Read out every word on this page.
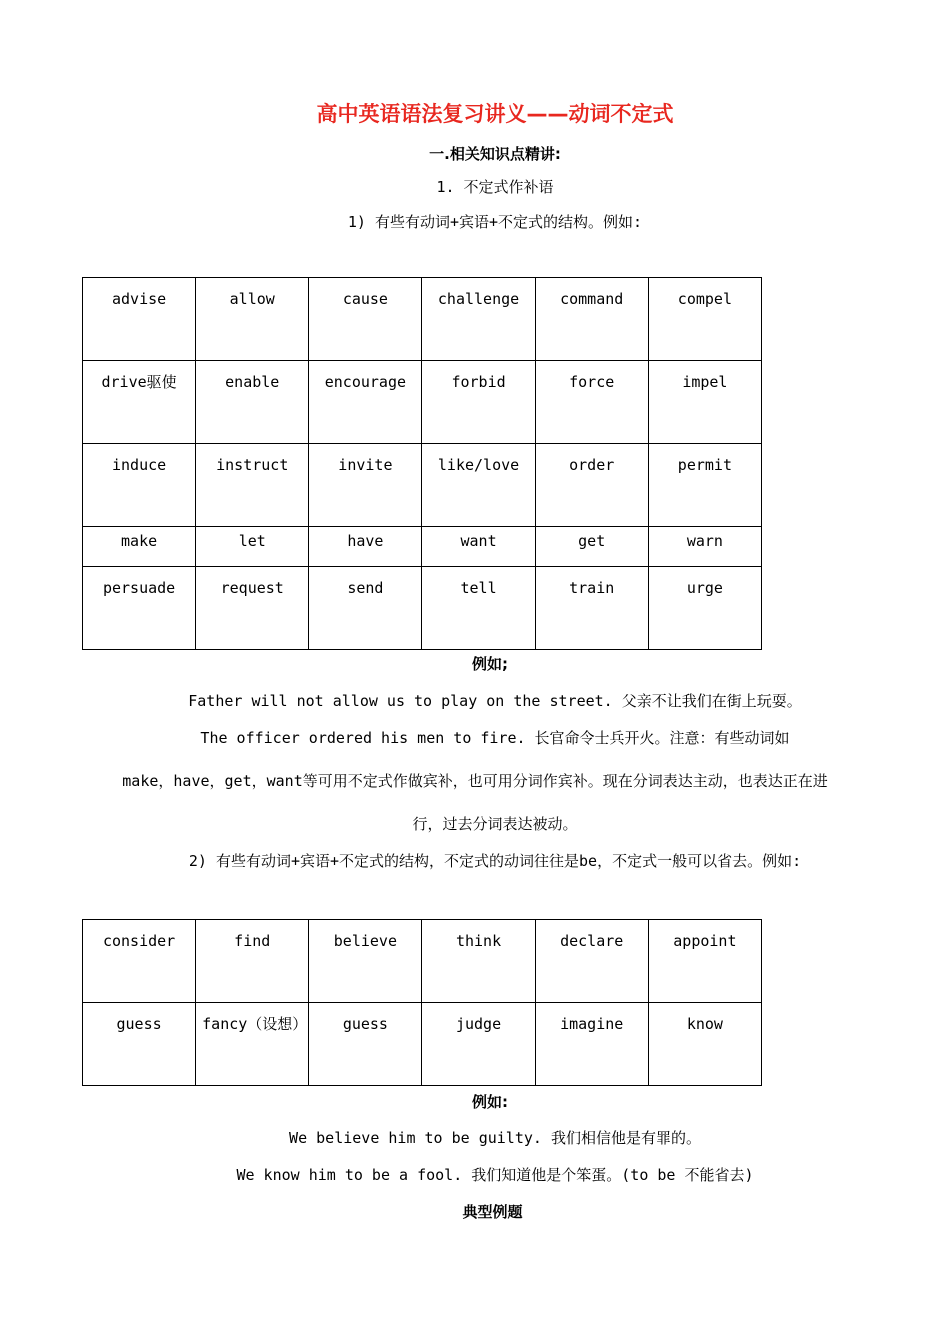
高中英语语法复习讲义——动词不定式
一.相关知识点精讲:
1. 不定式作补语
1) 有些有动词+宾语+不定式的结构。例如:
advise	allow	cause	challenge	command	compel
drive驱使	enable	encourage	forbid	force	impel
induce	instruct	invite	like/love	order	permit
make	let	have	want	get	warn
persuade	request	send	tell	train	urge
例如;
Father will not allow us to play on the street. 父亲不让我们在街上玩耍。
The officer ordered his men to fire. 长官命令士兵开火。注意：有些动词如
make，have，get，want等可用不定式作做宾补，也可用分词作宾补。现在分词表达主动，也表达正在进
行，过去分词表达被动。
2) 有些有动词+宾语+不定式的结构，不定式的动词往往是be，不定式一般可以省去。例如:
consider	find	believe	think	declare	appoint
guess	fancy（设想）	guess	judge	imagine	know
例如:
We believe him to be guilty. 我们相信他是有罪的。
We know him to be a fool. 我们知道他是个笨蛋。(to be 不能省去)
典型例题
